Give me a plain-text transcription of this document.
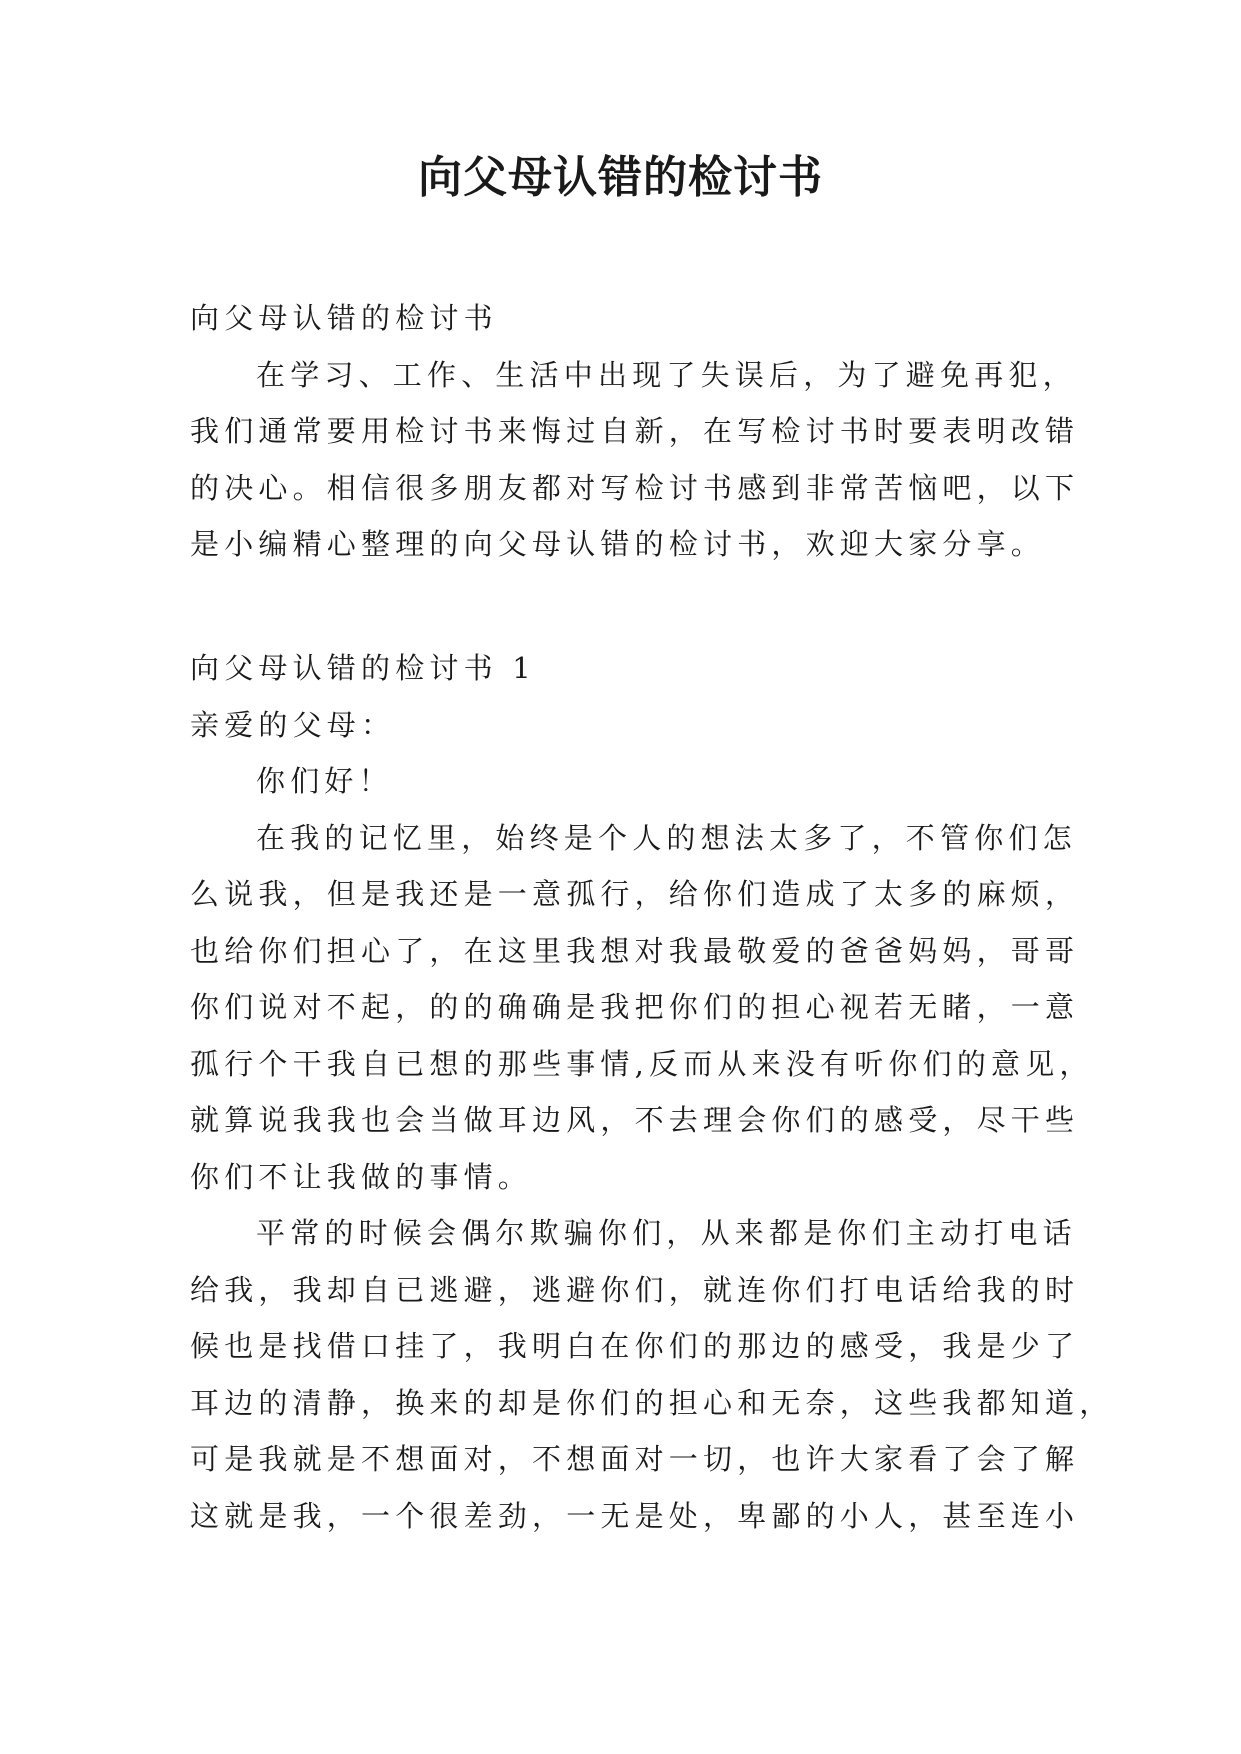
向父母认错的检讨书
向父母认错的检讨书
在学习、工作、生活中出现了失误后，为了避免再犯，
我们通常要用检讨书来悔过自新，在写检讨书时要表明改错
的决心。相信很多朋友都对写检讨书感到非常苦恼吧，以下
是小编精心整理的向父母认错的检讨书，欢迎大家分享。
向父母认错的检讨书 1
亲爱的父母：
你们好！
在我的记忆里，始终是个人的想法太多了，不管你们怎
么说我，但是我还是一意孤行，给你们造成了太多的麻烦，
也给你们担心了，在这里我想对我最敬爱的爸爸妈妈，哥哥
你们说对不起，的的确确是我把你们的担心视若无睹，一意
孤行个干我自已想的那些事情,反而从来没有听你们的意见，
就算说我我也会当做耳边风，不去理会你们的感受，尽干些
你们不让我做的事情。
平常的时候会偶尔欺骗你们，从来都是你们主动打电话
给我，我却自已逃避，逃避你们，就连你们打电话给我的时
候也是找借口挂了，我明白在你们的那边的感受，我是少了
耳边的清静，换来的却是你们的担心和无奈，这些我都知道，
可是我就是不想面对，不想面对一切，也许大家看了会了解
这就是我，一个很差劲，一无是处，卑鄙的小人，甚至连小
